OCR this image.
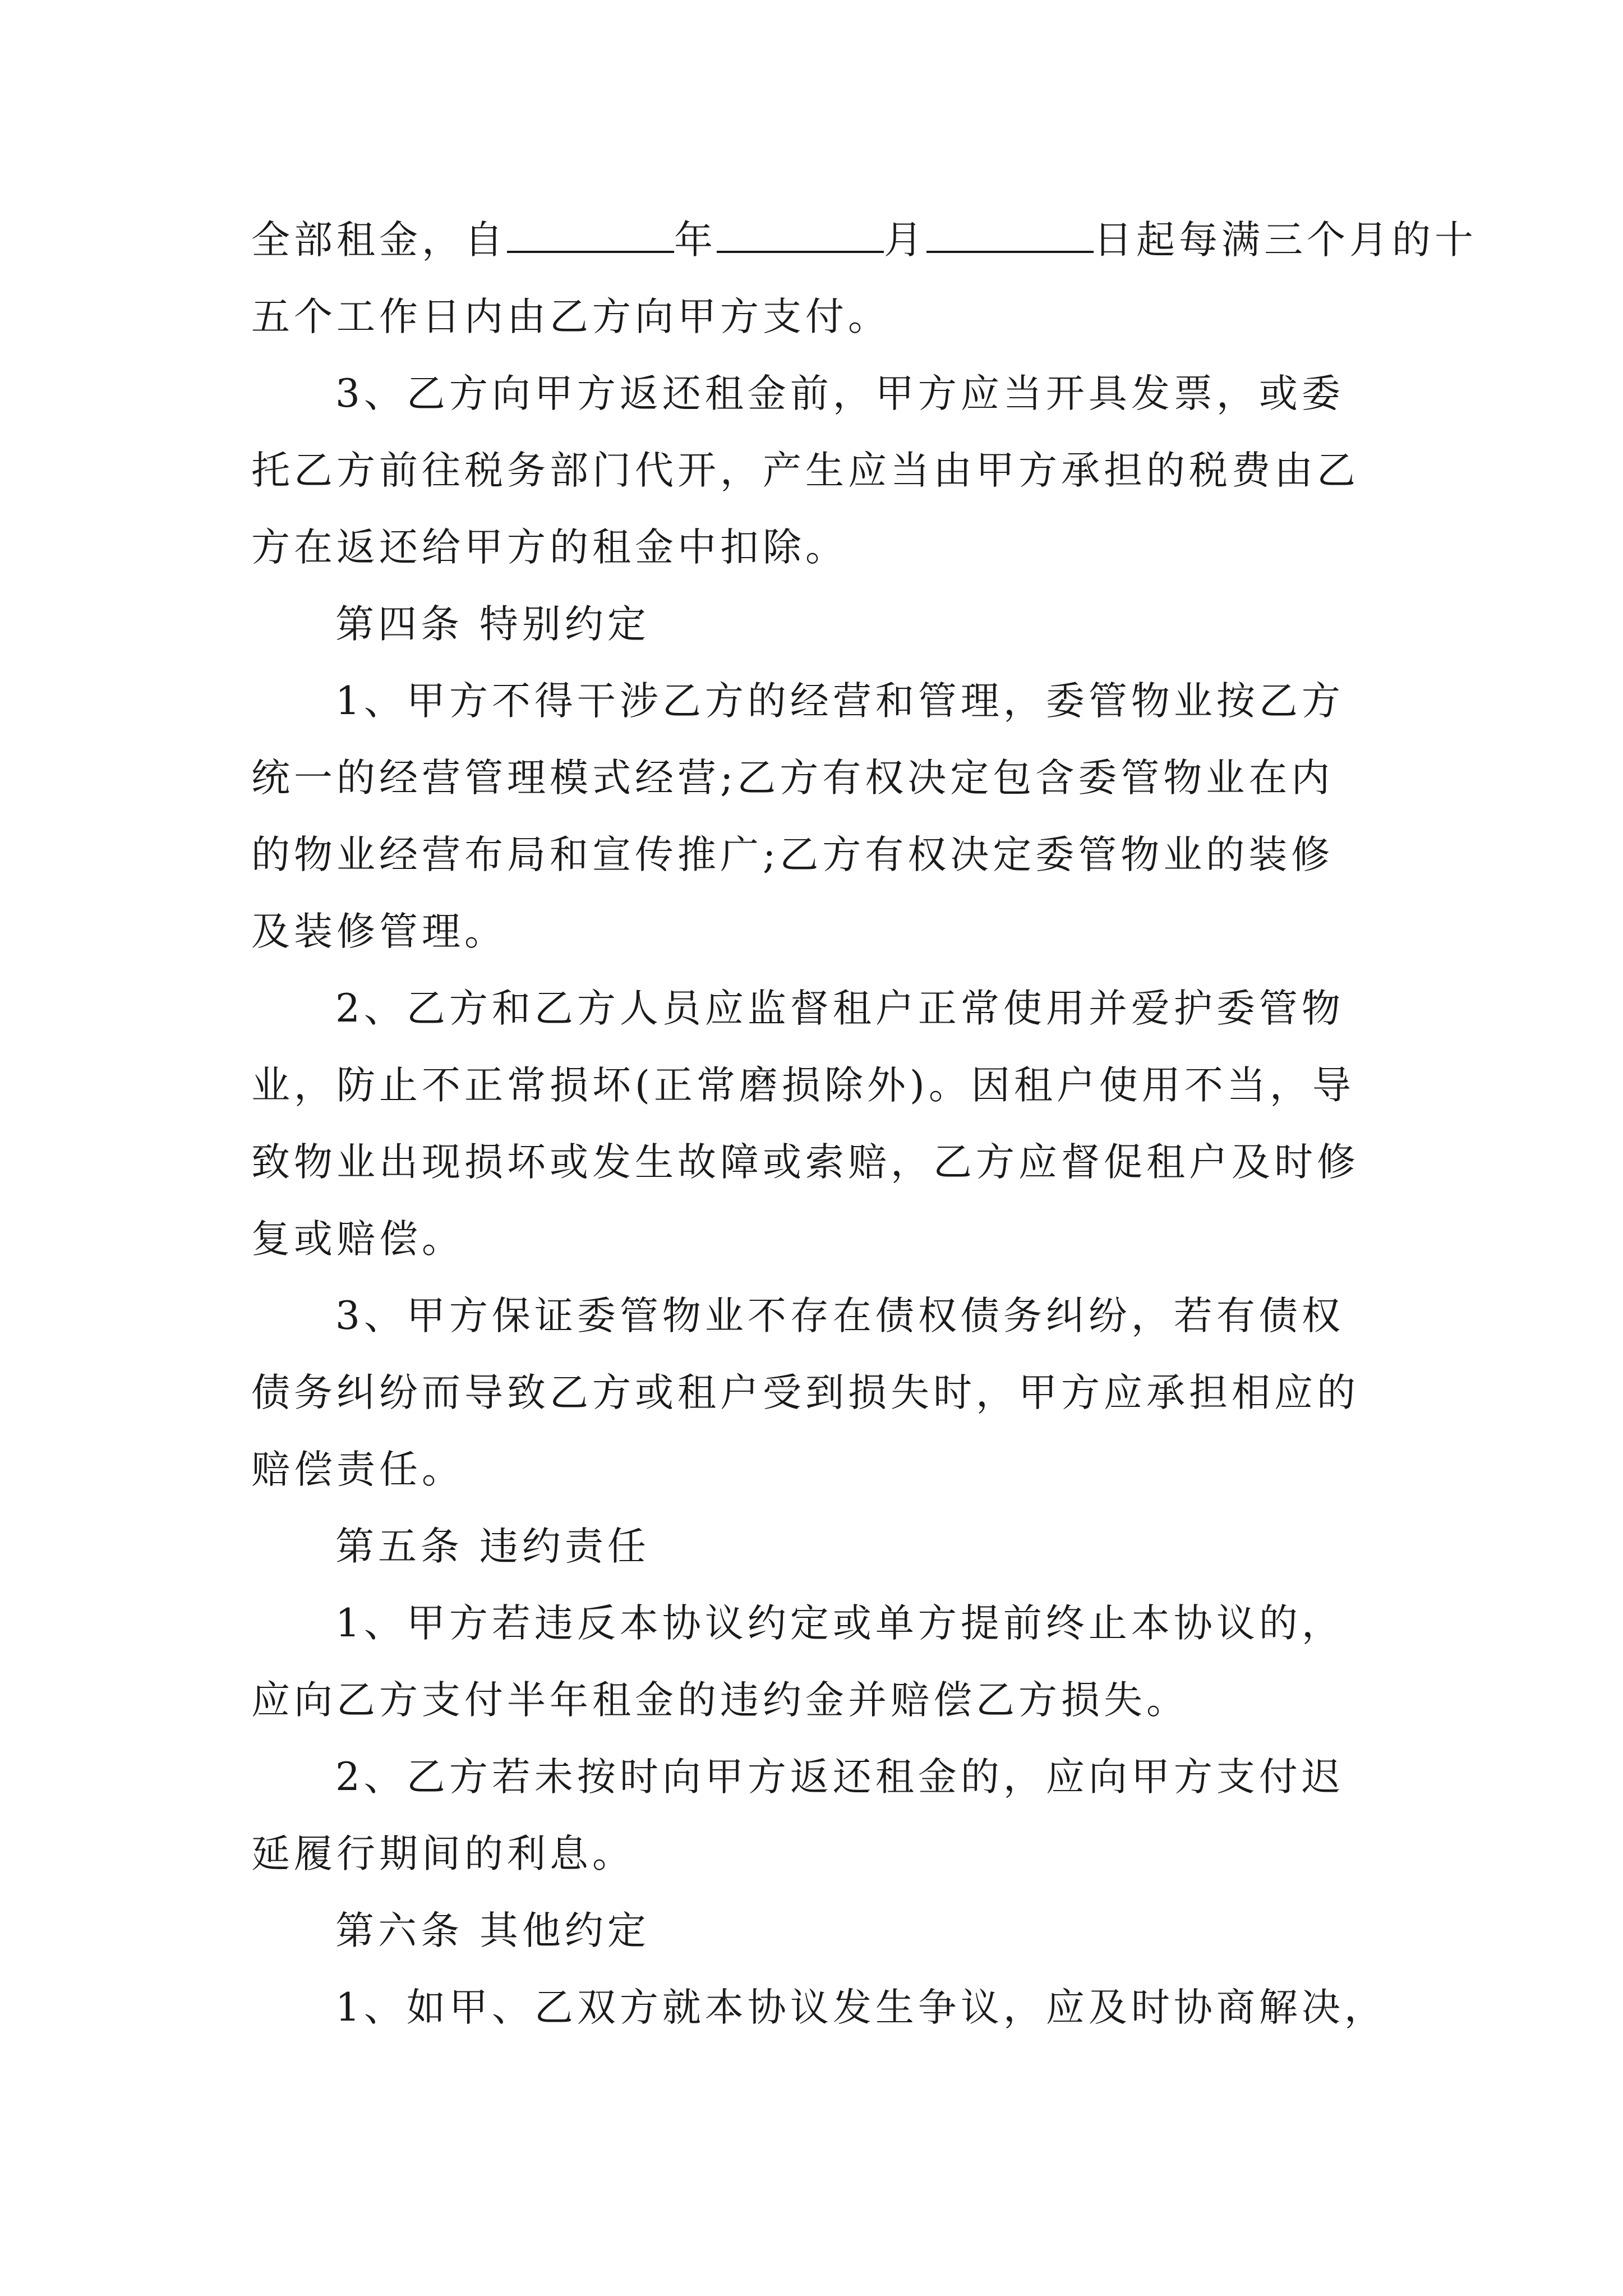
全部租金，自	年	月	日起每满三个月的十
五个工作日内由乙方向甲方支付。
3、乙方向甲方返还租金前，甲方应当开具发票，或委
托乙方前往税务部门代开，产生应当由甲方承担的税费由乙
方在返还给甲方的租金中扣除。
第四条 特别约定
1、甲方不得干涉乙方的经营和管理，委管物业按乙方
统一的经营管理模式经营;乙方有权决定包含委管物业在内
的物业经营布局和宣传推广;乙方有权决定委管物业的装修
及装修管理。
2、乙方和乙方人员应监督租户正常使用并爱护委管物
业，防止不正常损坏(正常磨损除外)。因租户使用不当，导
致物业出现损坏或发生故障或索赔，乙方应督促租户及时修
复或赔偿。
3、甲方保证委管物业不存在债权债务纠纷，若有债权
债务纠纷而导致乙方或租户受到损失时，甲方应承担相应的
赔偿责任。
第五条 违约责任
1、甲方若违反本协议约定或单方提前终止本协议的，
应向乙方支付半年租金的违约金并赔偿乙方损失。
2、乙方若未按时向甲方返还租金的，应向甲方支付迟
延履行期间的利息。
第六条 其他约定
1、如甲、乙双方就本协议发生争议，应及时协商解决，
